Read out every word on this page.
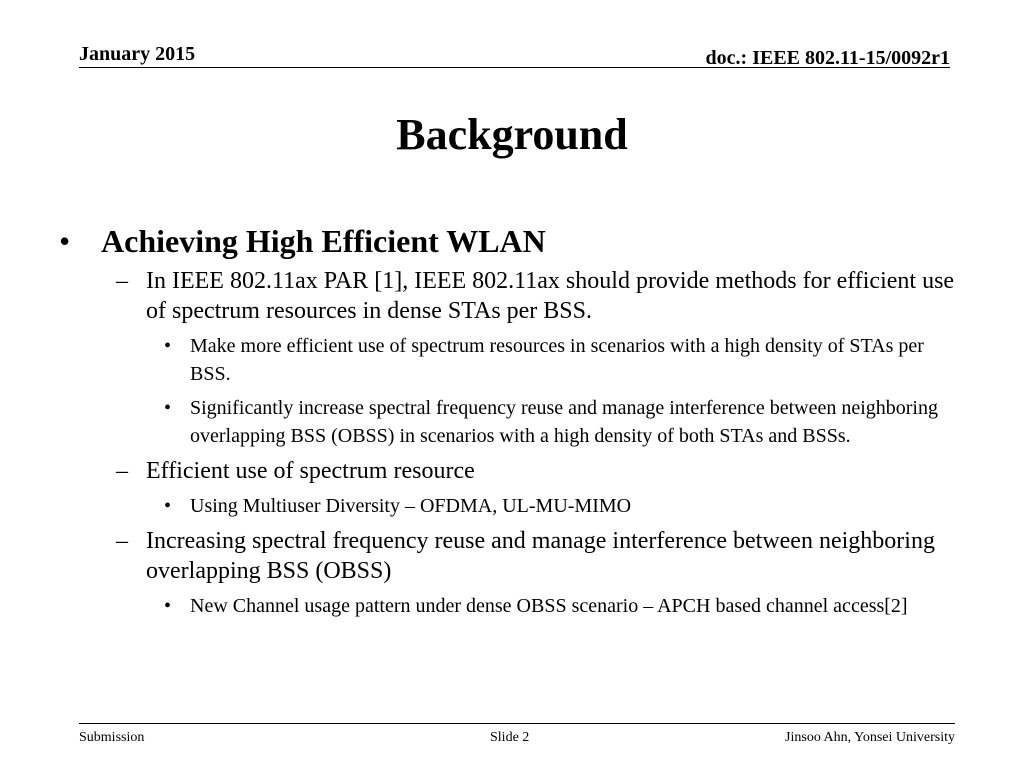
January 2015	doc.: IEEE 802.11-15/0092r1
Background
• Achieving High Efficient WLAN
– In IEEE 802.11ax PAR [1], IEEE 802.11ax should provide methods for efficient use of spectrum resources in dense STAs per BSS.
• Make more efficient use of spectrum resources in scenarios with a high density of STAs per BSS.
• Significantly increase spectral frequency reuse and manage interference between neighboring overlapping BSS (OBSS) in scenarios with a high density of both STAs and BSSs.
– Efficient use of spectrum resource
• Using Multiuser Diversity – OFDMA, UL-MU-MIMO
– Increasing spectral frequency reuse and manage interference between neighboring overlapping BSS (OBSS)
• New Channel usage pattern under dense OBSS scenario – APCH based channel access[2]
Submission	Slide 2	Jinsoo Ahn, Yonsei University
